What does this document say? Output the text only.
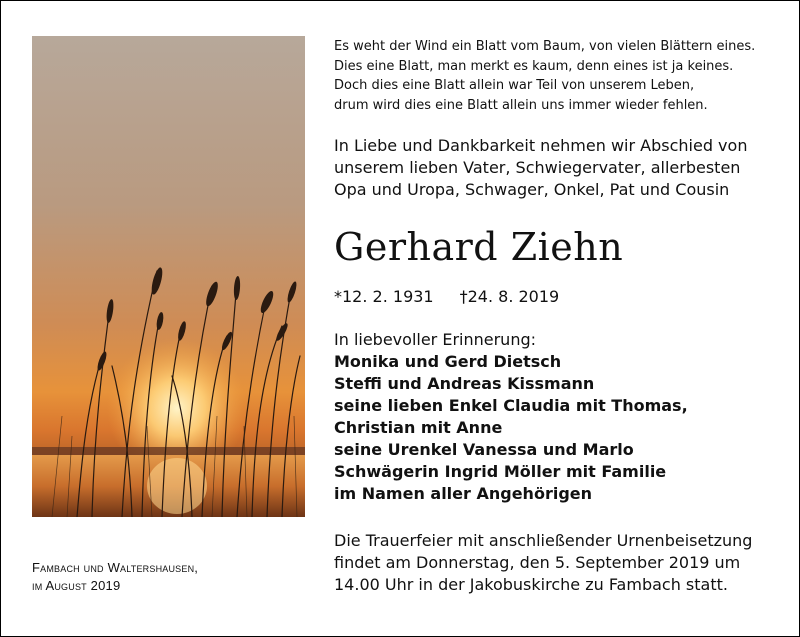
Es weht der Wind ein Blatt vom Baum, von vielen Blättern eines.
Dies eine Blatt, man merkt es kaum, denn eines ist ja keines.
Doch dies eine Blatt allein war Teil von unserem Leben,
drum wird dies eine Blatt allein uns immer wieder fehlen.
In Liebe und Dankbarkeit nehmen wir Abschied von
unserem lieben Vater, Schwiegervater, allerbesten
Opa und Uropa, Schwager, Onkel, Pat und Cousin
Gerhard Ziehn
*12. 2. 1931 †24. 8. 2019
In liebevoller Erinnerung:
Monika und Gerd Dietsch
Steffi und Andreas Kissmann
seine lieben Enkel Claudia mit Thomas,
Christian mit Anne
seine Urenkel Vanessa und Marlo
Schwägerin Ingrid Möller mit Familie
im Namen aller Angehörigen
Die Trauerfeier mit anschließender Urnenbeisetzung
findet am Donnerstag, den 5. September 2019 um
14.00 Uhr in der Jakobuskirche zu Fambach statt.
Fambach und Waltershausen,
im August 2019
